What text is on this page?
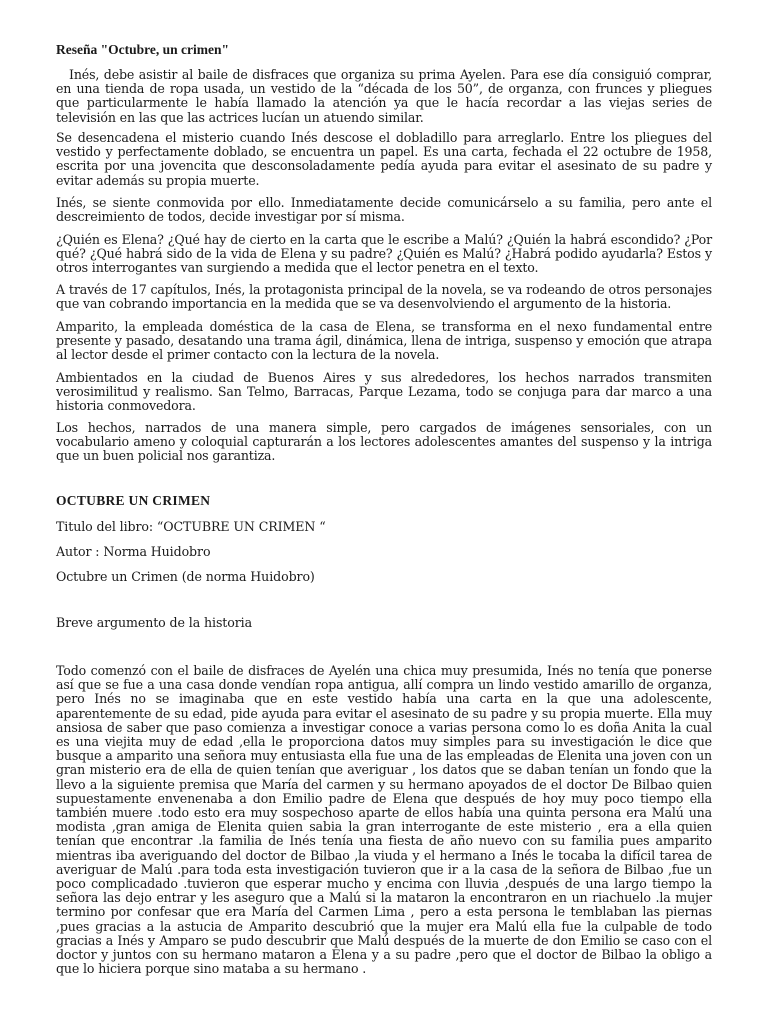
Reseña "Octubre, un crimen"

Inés, debe asistir al baile de disfraces que organiza su prima Ayelen. Para ese día consiguió comprar, en una tienda de ropa usada, un vestido de la “década de los 50”, de organza, con frunces y pliegues que particularmente le había llamado la atención ya que le hacía recordar a las viejas series de televisión en las que las actrices lucían un atuendo similar.

Se desencadena el misterio cuando Inés descose el dobladillo para arreglarlo. Entre los pliegues del vestido y perfectamente doblado, se encuentra un papel. Es una carta, fechada el 22 octubre de 1958, escrita por una jovencita que desconsoladamente pedía ayuda para evitar el asesinato de su padre y evitar además su propia muerte.

Inés, se siente conmovida por ello. Inmediatamente decide comunicárselo a su familia, pero ante el descreimiento de todos, decide investigar por sí misma.

¿Quién es Elena? ¿Qué hay de cierto en la carta que le escribe a Malú? ¿Quién la habrá escondido? ¿Por qué? ¿Qué habrá sido de la vida de Elena y su padre? ¿Quién es Malú? ¿Habrá podido ayudarla? Estos y otros interrogantes van surgiendo a medida que el lector penetra en el texto.

A través de 17 capítulos, Inés, la protagonista principal de la novela, se va rodeando de otros personajes que van cobrando importancia en la medida que se va desenvolviendo el argumento de la historia.

Amparito, la empleada doméstica de la casa de Elena, se transforma en el nexo fundamental entre presente y pasado, desatando una trama ágil, dinámica, llena de intriga, suspenso y emoción que atrapa al lector desde el primer contacto con la lectura de la novela.

Ambientados en la ciudad de Buenos Aires y sus alrededores, los hechos narrados transmiten verosimilitud y realismo. San Telmo, Barracas, Parque Lezama, todo se conjuga para dar marco a una historia conmovedora.

Los hechos, narrados de una manera simple, pero cargados de imágenes sensoriales, con un vocabulario ameno y coloquial capturarán a los lectores adolescentes amantes del suspenso y la intriga que un buen policial nos garantiza.

OCTUBRE UN CRIMEN

Titulo del libro: “OCTUBRE UN CRIMEN “

Autor : Norma Huidobro

Octubre un Crimen (de norma Huidobro)

Breve argumento de la historia

Todo comenzó con el baile de disfraces de Ayelén una chica muy presumida, Inés no tenía que ponerse así que se fue a una casa donde vendían ropa antigua, allí compra un lindo vestido amarillo de organza, pero Inés no se imaginaba que en este vestido había una carta en la que una adolescente, aparentemente de su edad, pide ayuda para evitar el asesinato de su padre y su propia muerte. Ella muy ansiosa de saber que paso comienza a investigar conoce a varias persona como lo es doña Anita la cual es una viejita muy de edad ,ella le proporciona datos muy simples para su investigación le dice que busque a amparito una señora muy entusiasta ella fue una de las empleadas de Elenita una joven con un gran misterio era de ella de quien tenían que averiguar , los datos que se daban tenían un fondo que la llevo a la siguiente premisa que María del carmen y su hermano apoyados de el doctor De Bilbao quien supuestamente envenenaba a don Emilio padre de Elena que después de hoy muy poco tiempo ella también muere .todo esto era muy sospechoso aparte de ellos había una quinta persona era Malú una modista ,gran amiga de Elenita quien sabia la gran interrogante de este misterio , era a ella quien tenían que encontrar .la familia de Inés tenía una fiesta de año nuevo con su familia pues amparito mientras iba averiguando del doctor de Bilbao ,la viuda y el hermano a Inés le tocaba la difícil tarea de averiguar de Malú .para toda esta investigación tuvieron que ir a la casa de la señora de Bilbao ,fue un poco complicadado .tuvieron que esperar mucho y encima con lluvia ,después de una largo tiempo la señora las dejo entrar y les aseguro que a Malú si la mataron la encontraron en un riachuelo .la mujer termino por confesar que era María del Carmen Lima , pero a esta persona le temblaban las piernas ,pues gracias a la astucia de Amparito descubrió que la mujer era Malú ella fue la culpable de todo gracias a Inés y Amparo se pudo descubrir que Malú después de la muerte de don Emilio se caso con el doctor y juntos con su hermano mataron a Elena y a su padre ,pero que el doctor de Bilbao la obligo a que lo hiciera porque sino mataba a su hermano .
